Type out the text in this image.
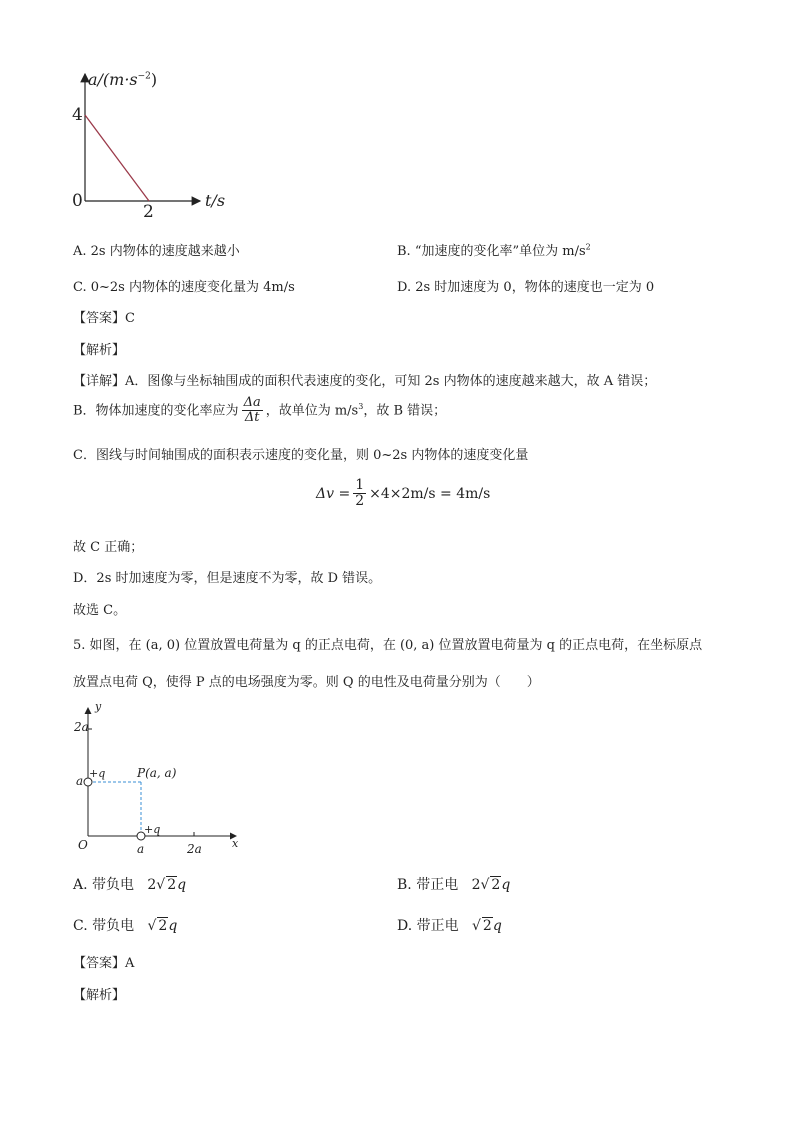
$a/(m\cdot s^{-2})$
4
0
2
t/s
A. 2s 内物体的速度越来越小	B. “加速度的变化率”单位为 $m/s^2$
C. 0~2s 内物体的速度变化量为 4m/s	D. 2s 时加速度为 0，物体的速度也一定为 0
【答案】C
【解析】
【详解】A．图像与坐标轴围成的面积代表速度的变化，可知 2s 内物体的速度越来越大，故 A 错误；
B．物体加速度的变化率应为 $\frac{\Delta a}{\Delta t}$ ，故单位为 $m/s^3$，故 B 错误；
C．图线与时间轴围成的面积表示速度的变化量，则 0~2s 内物体的速度变化量
$\Delta v = \frac{1}{2} \times 4\times 2m/s = 4m/s$
故 C 正确；
D．2s 时加速度为零，但是速度不为零，故 D 错误。
故选 C。
5. 如图，在 (a, 0) 位置放置电荷量为 q 的正点电荷，在 (0, a) 位置放置电荷量为 q 的正点电荷，在坐标原点
放置点电荷 Q，使得 P 点的电场强度为零。则 Q 的电性及电荷量分别为（　　）
y
x
O
2a
a
a	2a
+q
+q
P(a, a)
A. 带负电 2√ 2q	B. 带正电 2√ 2q
C. 带负电   √ 2q	D. 带正电   √ 2q
【答案】A
【解析】
